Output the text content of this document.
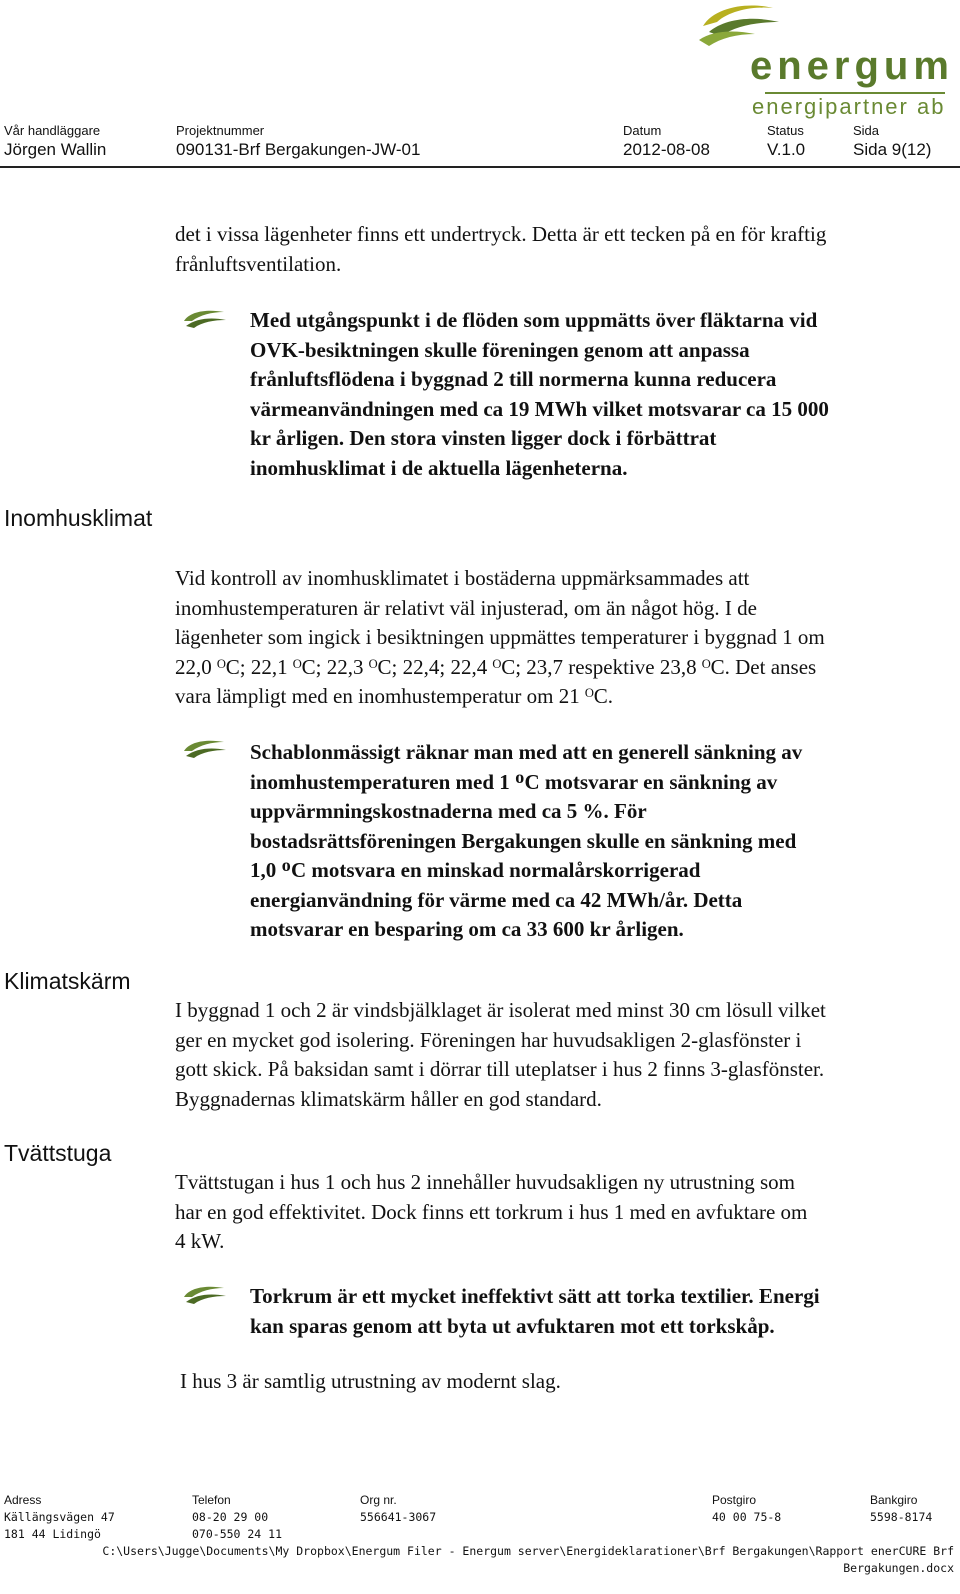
energum
energipartner ab
Vår handläggare
Jörgen Wallin
Projektnummer
090131-Brf Bergakungen-JW-01
Datum
2012-08-08
Status
V.1.0
Sida
Sida 9(12)
det i vissa lägenheter finns ett undertryck. Detta är ett tecken på en för kraftig
frånluftsventilation.
Med utgångspunkt i de flöden som uppmätts över fläktarna vid
OVK-besiktningen skulle föreningen genom att anpassa
frånluftsflödena i byggnad 2 till normerna kunna reducera
värmeanvändningen med ca 19 MWh vilket motsvarar ca 15 000
kr årligen. Den stora vinsten ligger dock i förbättrat
inomhusklimat i de aktuella lägenheterna.
Inomhusklimat
Vid kontroll av inomhusklimatet i bostäderna uppmärksammades att
inomhustemperaturen är relativt väl injusterad, om än något hög. I de
lägenheter som ingick i besiktningen uppmättes temperaturer i byggnad 1 om
22,0 ᴼC; 22,1 ᴼC; 22,3 ᴼC; 22,4; 22,4 ᴼC; 23,7 respektive 23,8 ᴼC. Det anses
vara lämpligt med en inomhustemperatur om 21 ᴼC.
Schablonmässigt räknar man med att en generell sänkning av
inomhustemperaturen med 1 ᴼC motsvarar en sänkning av
uppvärmningskostnaderna med ca 5 %. För
bostadsrättsföreningen Bergakungen skulle en sänkning med
1,0 ᴼC motsvara en minskad normalårskorrigerad
energianvändning för värme med ca 42 MWh/år. Detta
motsvarar en besparing om ca 33 600 kr årligen.
Klimatskärm
I byggnad 1 och 2 är vindsbjälklaget är isolerat med minst 30 cm lösull vilket
ger en mycket god isolering. Föreningen har huvudsakligen 2-glasfönster i
gott skick. På baksidan samt i dörrar till uteplatser i hus 2 finns 3-glasfönster.
Byggnadernas klimatskärm håller en god standard.
Tvättstuga
Tvättstugan i hus 1 och hus 2 innehåller huvudsakligen ny utrustning som
har en god effektivitet. Dock finns ett torkrum i hus 1 med en avfuktare om
4 kW.
Torkrum är ett mycket ineffektivt sätt att torka textilier. Energi
kan sparas genom att byta ut avfuktaren mot ett torkskåp.
I hus 3 är samtlig utrustning av modernt slag.
Adress
Källängsvägen 47
181 44 Lidingö
Telefon
08-20 29 00
070-550 24 11
Org nr.
556641-3067
Postgiro
40 00 75-8
Bankgiro
5598-8174
C:\Users\Jugge\Documents\My Dropbox\Energum Filer - Energum server\Energideklarationer\Brf Bergakungen\Rapport enerCURE Brf
Bergakungen.docx
